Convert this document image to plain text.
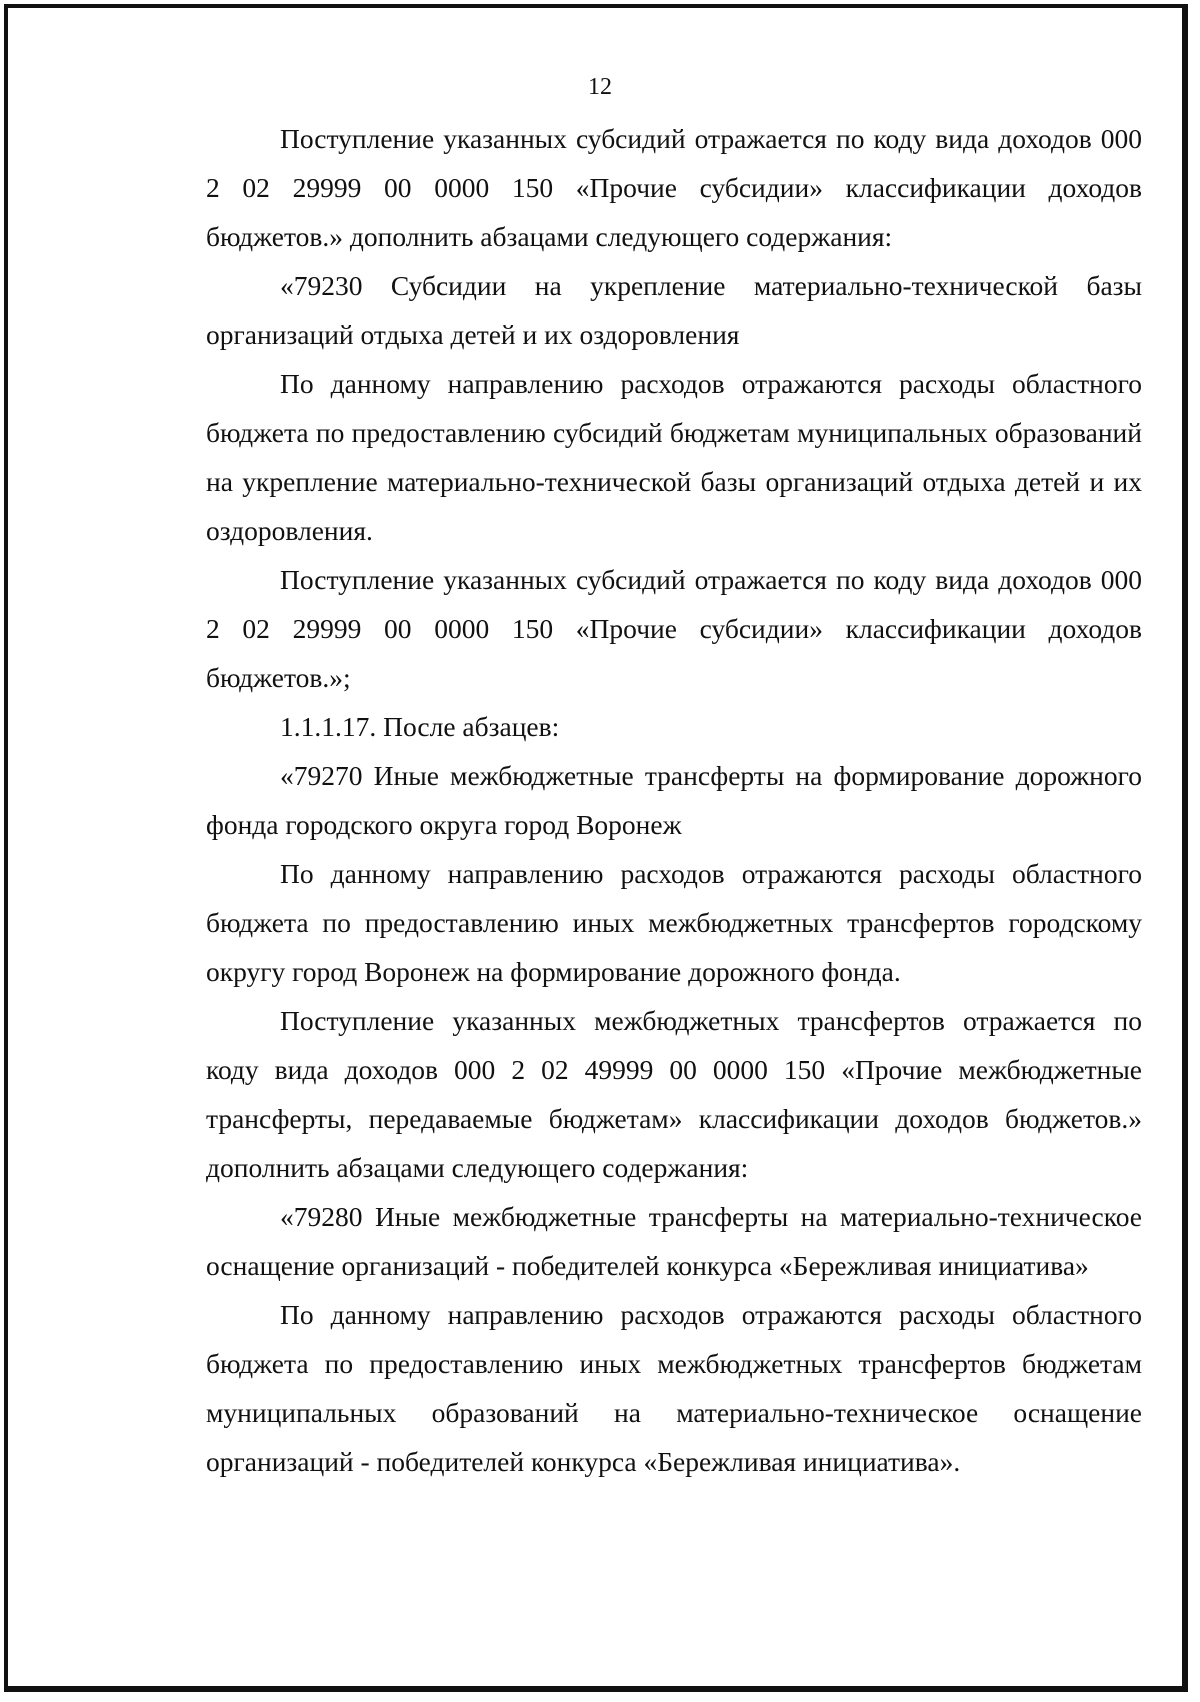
12

Поступление указанных субсидий отражается по коду вида доходов 000 2 02 29999 00 0000 150 «Прочие субсидии» классификации доходов бюджетов.» дополнить абзацами следующего содержания:

«79230 Субсидии на укрепление материально-технической базы организаций отдыха детей и их оздоровления

По данному направлению расходов отражаются расходы областного бюджета по предоставлению субсидий бюджетам муниципальных образований на укрепление материально-технической базы организаций отдыха детей и их оздоровления.

Поступление указанных субсидий отражается по коду вида доходов 000 2 02 29999 00 0000 150 «Прочие субсидии» классификации доходов бюджетов.»;

1.1.1.17. После абзацев:

«79270 Иные межбюджетные трансферты на формирование дорожного фонда городского округа город Воронеж

По данному направлению расходов отражаются расходы областного бюджета по предоставлению иных межбюджетных трансфертов городскому округу город Воронеж на формирование дорожного фонда.

Поступление указанных межбюджетных трансфертов отражается по коду вида доходов 000 2 02 49999 00 0000 150 «Прочие межбюджетные трансферты, передаваемые бюджетам» классификации доходов бюджетов.» дополнить абзацами следующего содержания:

«79280 Иные межбюджетные трансферты на материально-техническое оснащение организаций - победителей конкурса «Бережливая инициатива»

По данному направлению расходов отражаются расходы областного бюджета по предоставлению иных межбюджетных трансфертов бюджетам муниципальных образований на материально-техническое оснащение организаций - победителей конкурса «Бережливая инициатива».
